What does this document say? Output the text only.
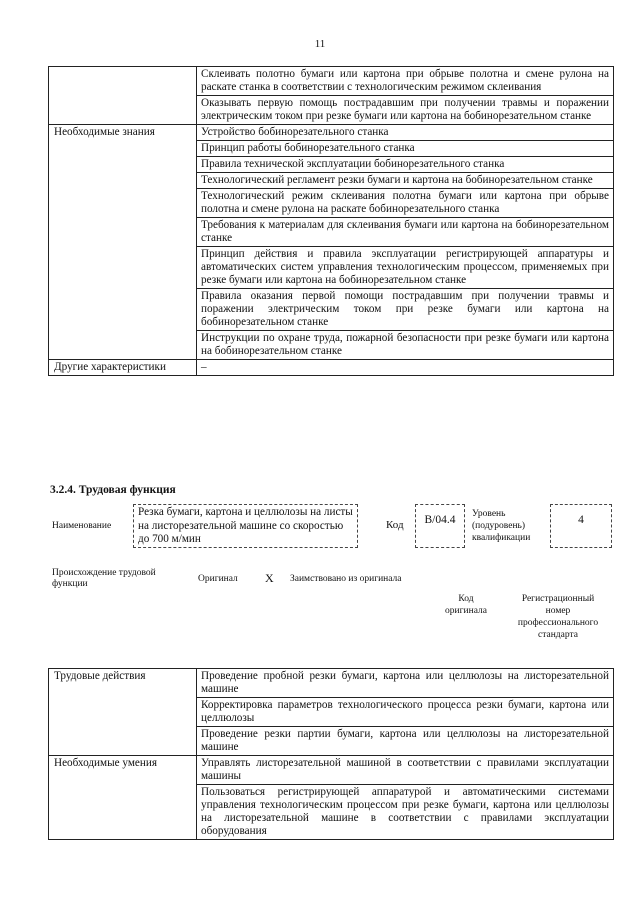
11
	Склеивать полотно бумаги или картона при обрыве полотна и смене рулона на раскате станка в соответствии с технологическим режимом склеивания
	Оказывать первую помощь пострадавшим при получении травмы и поражении электрическим током при резке бумаги или картона на бобинорезательном станке
Необходимые знания	Устройство бобинорезательного станка
	Принцип работы бобинорезательного станка
	Правила технической эксплуатации бобинорезательного станка
	Технологический регламент резки бумаги и картона на бобинорезательном станке
	Технологический режим склеивания полотна бумаги или картона при обрыве полотна и смене рулона на раскате бобинорезательного станка
	Требования к материалам для склеивания бумаги или картона на бобинорезательном станке
	Принцип действия и правила эксплуатации регистрирующей аппаратуры и автоматических систем управления технологическим процессом, применяемых при резке бумаги или картона на бобинорезательном станке
	Правила оказания первой помощи пострадавшим при получении травмы и поражении электрическим током при резке бумаги или картона на бобинорезательном станке
	Инструкции по охране труда, пожарной безопасности при резке бумаги или картона на бобинорезательном станке
Другие характеристики	–
3.2.4. Трудовая функция
Наименование
Резка бумаги, картона и целлюлозы на листы на листорезательной машине со скоростью до 700 м/мин
Код	В/04.4	Уровень (подуровень) квалификации
4
Происхождение трудовой функции	Оригинал X Заимствовано из оригинала
Код оригинала
Регистрационный номер профессионального стандарта
Трудовые действия	Проведение пробной резки бумаги, картона или целлюлозы на листорезательной машине
	Корректировка параметров технологического процесса резки бумаги, картона или целлюлозы
	Проведение резки партии бумаги, картона или целлюлозы на листорезательной машине
Необходимые умения	Управлять листорезательной машиной в соответствии с правилами эксплуатации машины
	Пользоваться регистрирующей аппаратурой и автоматическими системами управления технологическим процессом при резке бумаги, картона или целлюлозы на листорезательной машине в соответствии с правилами эксплуатации оборудования
